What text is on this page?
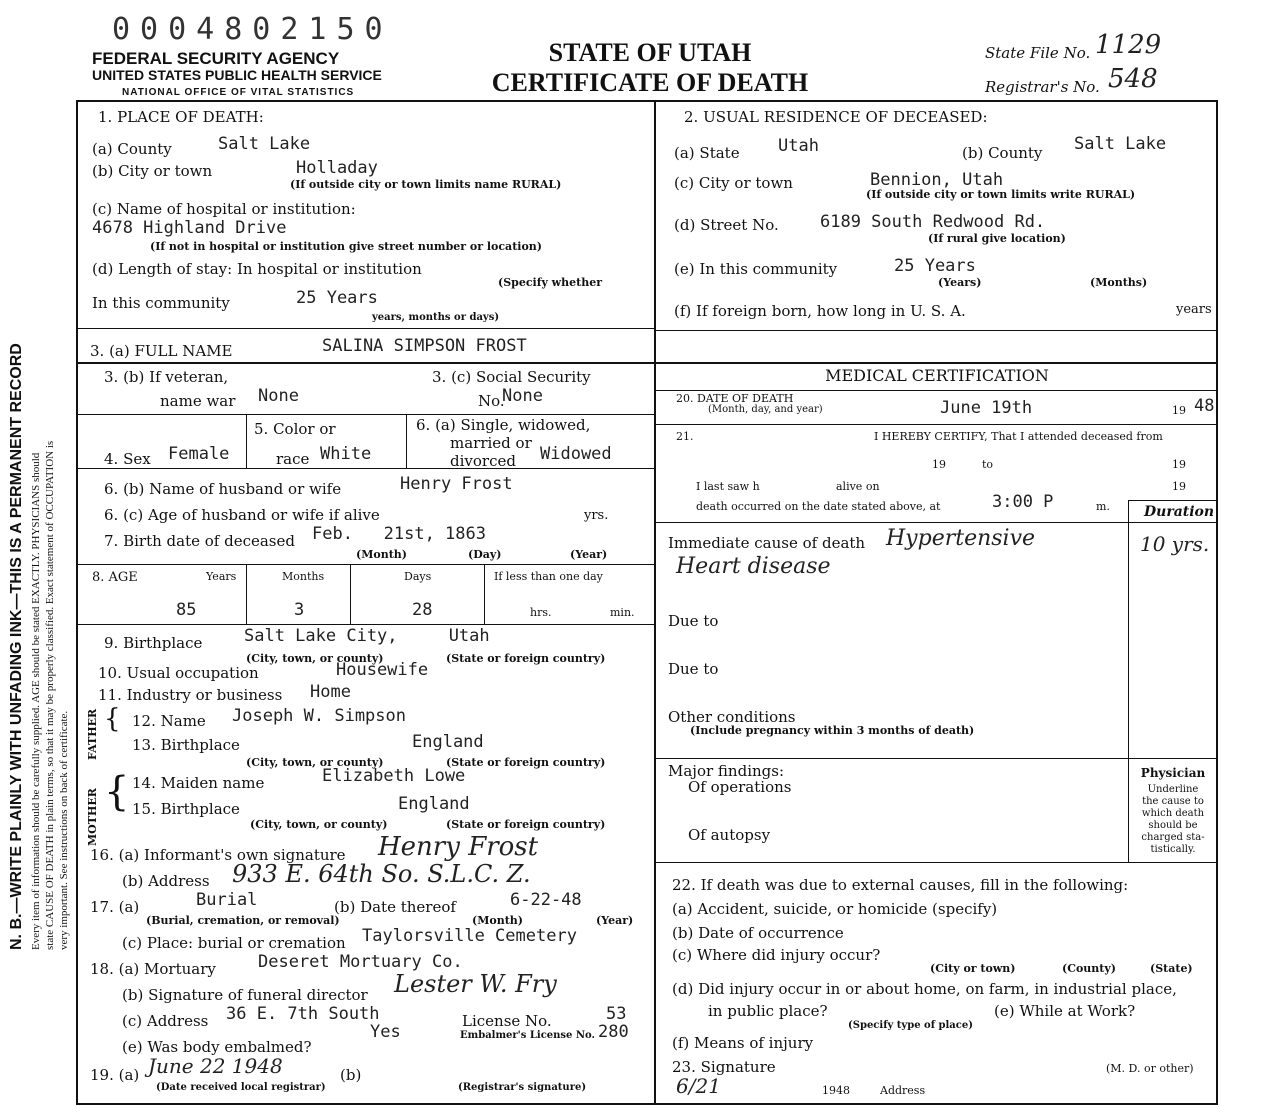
0004802150
FEDERAL SECURITY AGENCY
UNITED STATES PUBLIC HEALTH SERVICE
NATIONAL OFFICE OF VITAL STATISTICS
STATE OF UTAH
CERTIFICATE OF DEATH
State File No. 1129
Registrar's No. 548
N. B.—WRITE PLAINLY WITH UNFADING INK—THIS IS A PERMANENT RECORD Every item of information should be carefully supplied. AGE should be stated EXACTLY. PHYSICIANS should state CAUSE OF DEATH in plain terms, so that it may be properly classified. Exact statement of OCCUPATION is very important. See instructions on back of certificate.
1. PLACE OF DEATH:
(a) County	Salt Lake
(b) City or town	Holladay
(If outside city or town limits name RURAL)
(c) Name of hospital or institution:
4678 Highland Drive
(If not in hospital or institution give street number or location)
(d) Length of stay: In hospital or institution
(Specify whether
In this community	25 Years
years, months or days)
2. USUAL RESIDENCE OF DECEASED:
(a) State Utah	(b) County Salt Lake
(c) City or town	Bennion, Utah
(If outside city or town limits write RURAL)
(d) Street No. 6189 South Redwood Rd.
(If rural give location)
(e) In this community	25 Years
(Years)	(Months)
(f) If foreign born, how long in U. S. A.	years
3. (a) FULL NAME	SALINA SIMPSON FROST
3. (b) If veteran,
name war None
3. (c) Social Security
No.
None
4. Sex Female
5. Color or
race White
6. (a) Single, widowed,
married or
divorced Widowed
6. (b) Name of husband or wife	Henry Frost
6. (c) Age of husband or wife if alive	yrs.
7. Birth date of deceased Feb.   21st, 1863
(Month)	(Day)	(Year)
8. AGE	Years	Months	Days	If less than one day
85	3	28	hrs.	min.
9. Birthplace Salt Lake City,     Utah
(City, town, or county)	(State or foreign country)
10. Usual occupation	Housewife
11. Industry or business Home
FATHER { 12. Name Joseph W. Simpson
13. Birthplace	England
(City, town, or county)	(State or foreign country)
MOTHER { 14. Maiden name	Elizabeth Lowe
15. Birthplace	England
(City, town, or county)	(State or foreign country)
16. (a) Informant's own signature Henry Frost
(b) Address 933 E. 64th So. S.L.C. Z.
17. (a)	Burial
(Burial, cremation, or removal)
(b) Date thereof	6-22-48
(Month)	(Year)
(c) Place: burial or cremation Taylorsville Cemetery
18. (a) Mortuary Deseret Mortuary Co.
(b) Signature of funeral director Lester W. Fry
(c) Address 36 E. 7th South	License No.	53
(e) Was body embalmed?
Yes	Embalmer's License No. 280
19. (a) June 22 1948	(b)
(Date received local registrar)	(Registrar's signature)
MEDICAL CERTIFICATION
20. DATE OF DEATH
(Month, day, and year)	June 19th	19 48
21.	I HEREBY CERTIFY, That I attended deceased from
19	to	19
I last saw h	alive on	19
death occurred on the date stated above, at	3:00 P	m. Duration
Immediate cause of death Hypertensive
Heart disease
10 yrs.
Due to
Due to
Other conditions
(Include pregnancy within 3 months of death)
Major findings:
Of operations
Of autopsy
Physician
Underline
the cause to
which death
should be
charged sta-
tistically.
22. If death was due to external causes, fill in the following:
(a) Accident, suicide, or homicide (specify)
(b) Date of occurrence
(c) Where did injury occur?
(City or town)	(County)	(State)
(d) Did injury occur in or about home, on farm, in industrial place,
in public place?	(e) While at Work?
(Specify type of place)
(f) Means of injury
23. Signature	(M. D. or other)
6/21	1948	Address
